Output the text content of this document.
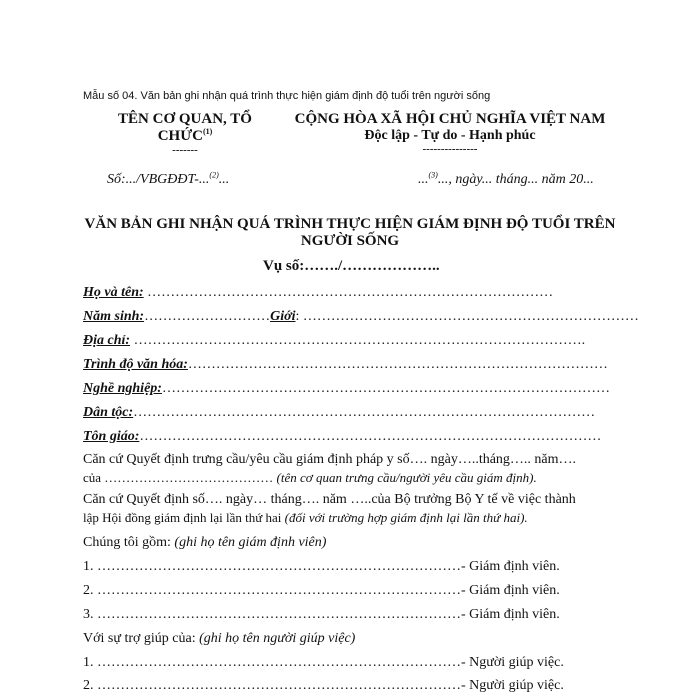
Mẫu số 04. Văn bản ghi nhận quá trình thực hiện giám định độ tuổi trên người sống
TÊN CƠ QUAN, TỔ
CHỨC$^{(1)}$
-------
CỘNG HÒA XÃ HỘI CHỦ NGHĨA VIỆT NAM
Độc lập - Tự do - Hạnh phúc
---------------
Số:.../VBGĐĐT-...$^{(2)}$...	...$^{(3)}$..., ngày... tháng... năm 20...
VĂN BẢN GHI NHẬN QUÁ TRÌNH THỰC HIỆN GIÁM ĐỊNH ĐỘ TUỔI TRÊN
NGƯỜI SỐNG
Vụ số:……./………………..
Họ và tên: ……………………………………………………………………………
Năm sinh:………………………Giới: ………………………………………………………………
Địa chỉ: …………………………………………………………………………………….
Trình độ văn hóa:………………………………………………………………………………
Nghề nghiệp:……………………………………………………………………………………
Dân tộc:………………………………………………………………………………………
Tôn giáo:………………………………………………………………………………………
Căn cứ Quyết định trưng cầu/yêu cầu giám định pháp y số…. ngày…..tháng….. năm….
của ………………………………… (tên cơ quan trưng cầu/người yêu cầu giám định).
Căn cứ Quyết định số…. ngày… tháng…. năm …..của Bộ trưởng Bộ Y tế về việc thành
lập Hội đồng giám định lại lần thứ hai (đối với trường hợp giám định lại lần thứ hai).
Chúng tôi gồm: (ghi họ tên giám định viên)
1. ……………………………………………………………………- Giám định viên.
2. ……………………………………………………………………- Giám định viên.
3. ……………………………………………………………………- Giám định viên.
Với sự trợ giúp của: (ghi họ tên người giúp việc)
1. ……………………………………………………………………- Người giúp việc.
2. ……………………………………………………………………- Người giúp việc.
